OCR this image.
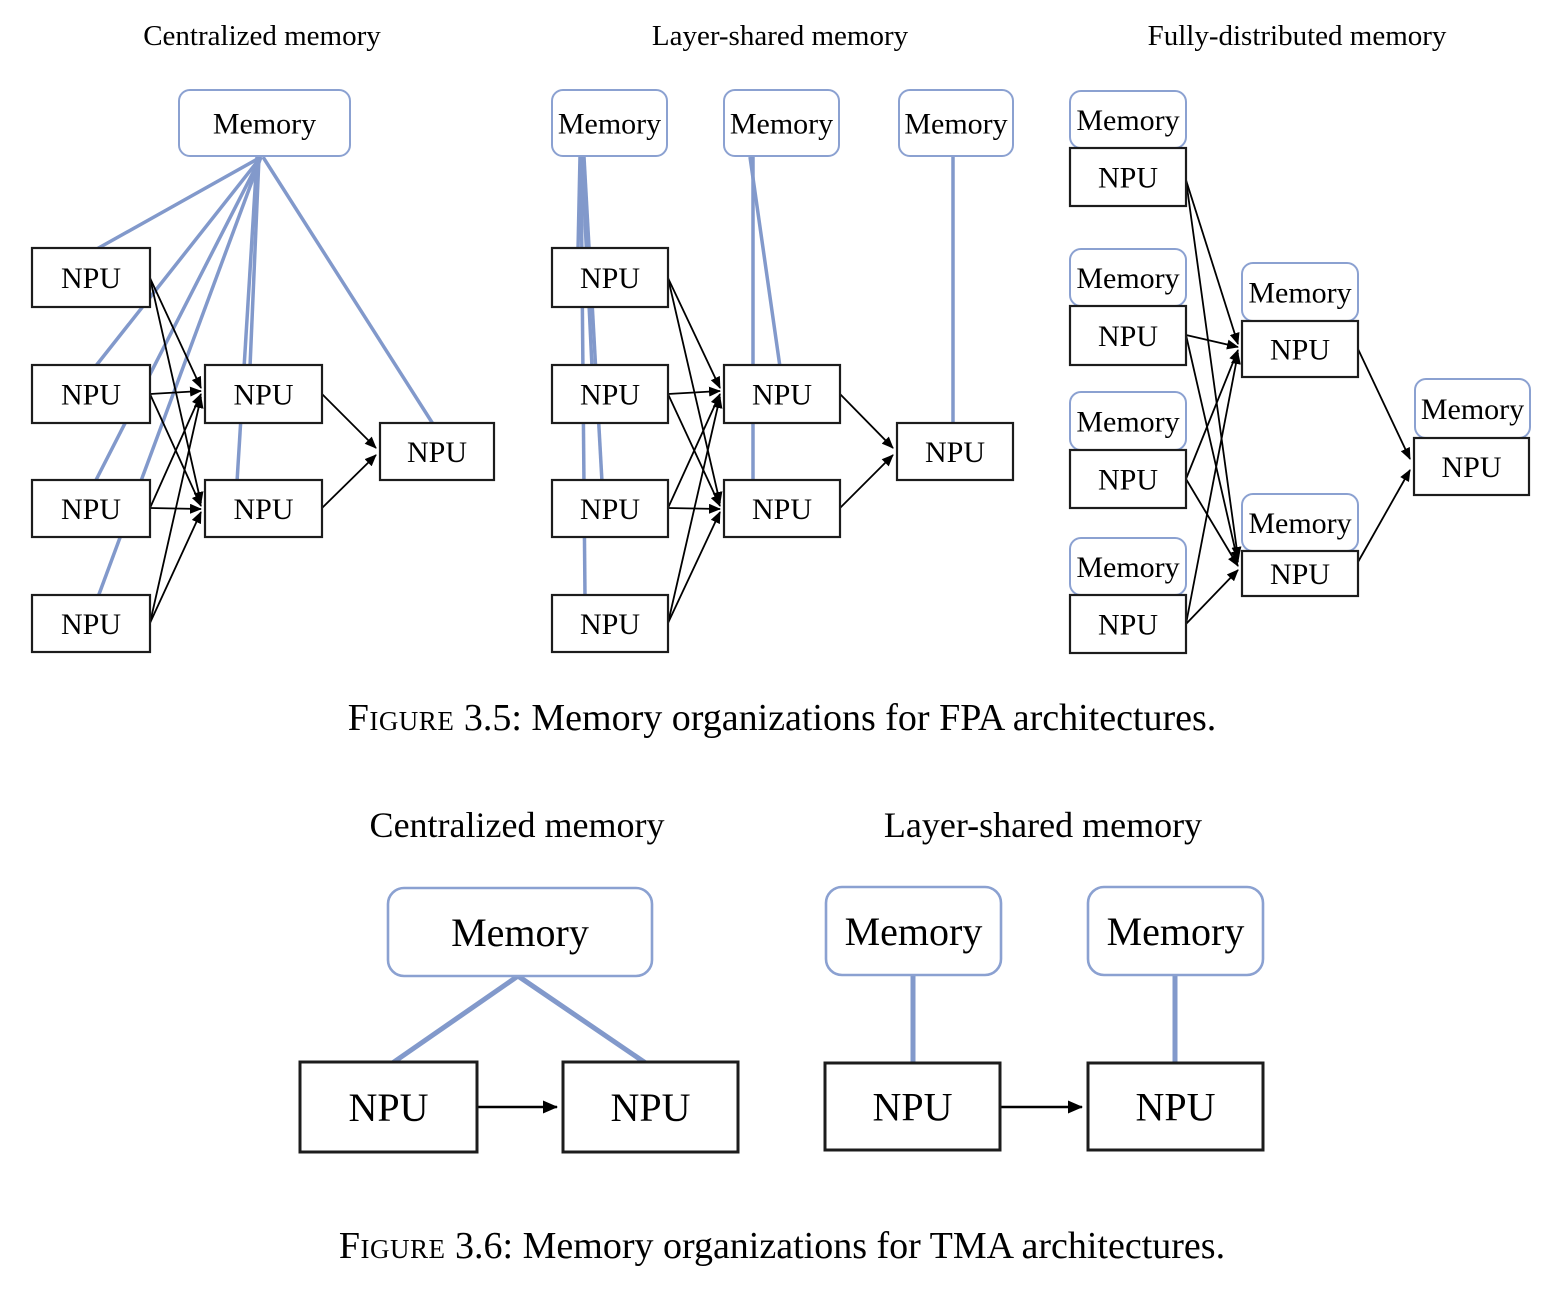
Memory
NPU
NPU
NPU
NPU
NPU
NPU
NPU
Memory Memory Memory
NPU
NPU
NPU
NPU
NPU
NPU
NPU
Memory
NPU
Memory
NPU
Memory
NPU
Memory
NPU
Memory
NPU
Memory
NPU
Memory
NPU
Memory
NPU	NPU
Memory	Memory
NPU	NPU
Centralized memory	Layer-shared memory	Fully-distributed memory
Figure 3.5: Memory organizations for FPA architectures.
Centralized memory	Layer-shared memory
Figure 3.6: Memory organizations for TMA architectures.
